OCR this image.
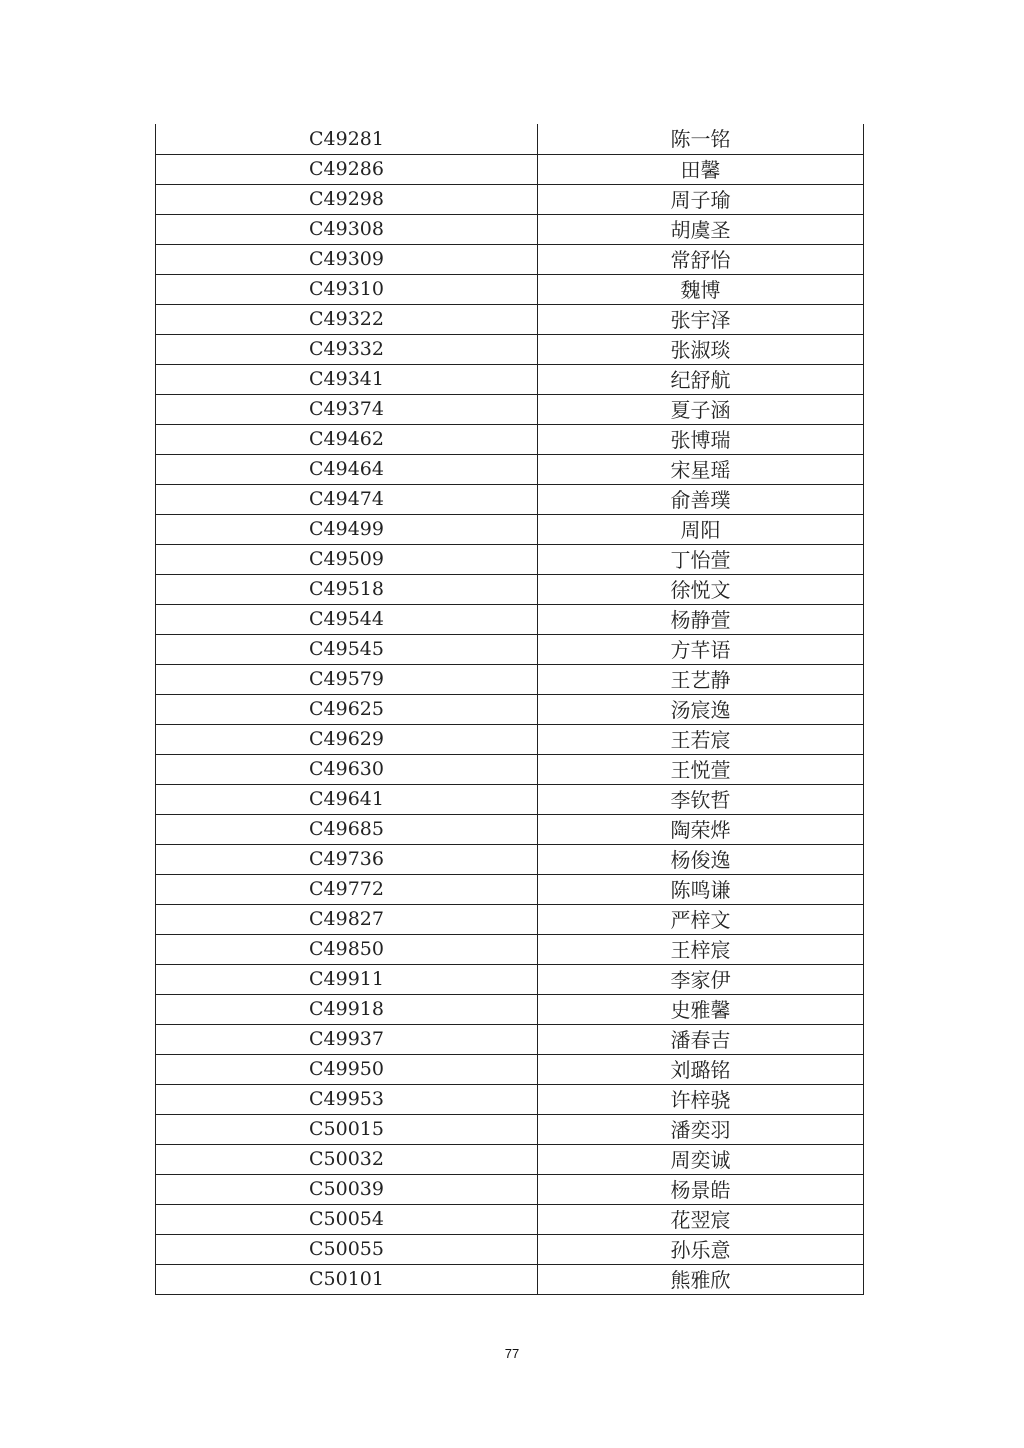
C49281	陈一铭
C49286	田馨
C49298	周子瑜
C49308	胡虞圣
C49309	常舒怡
C49310	魏博
C49322	张宇泽
C49332	张淑琰
C49341	纪舒航
C49374	夏子涵
C49462	张博瑞
C49464	宋星瑶
C49474	俞善璞
C49499	周阳
C49509	丁怡萱
C49518	徐悦文
C49544	杨静萱
C49545	方芊语
C49579	王艺静
C49625	汤宸逸
C49629	王若宸
C49630	王悦萱
C49641	李钦哲
C49685	陶荣烨
C49736	杨俊逸
C49772	陈鸣谦
C49827	严梓文
C49850	王梓宸
C49911	李家伊
C49918	史雅馨
C49937	潘春吉
C49950	刘璐铭
C49953	许梓骁
C50015	潘奕羽
C50032	周奕诚
C50039	杨景皓
C50054	花翌宸
C50055	孙乐意
C50101	熊雅欣
77
